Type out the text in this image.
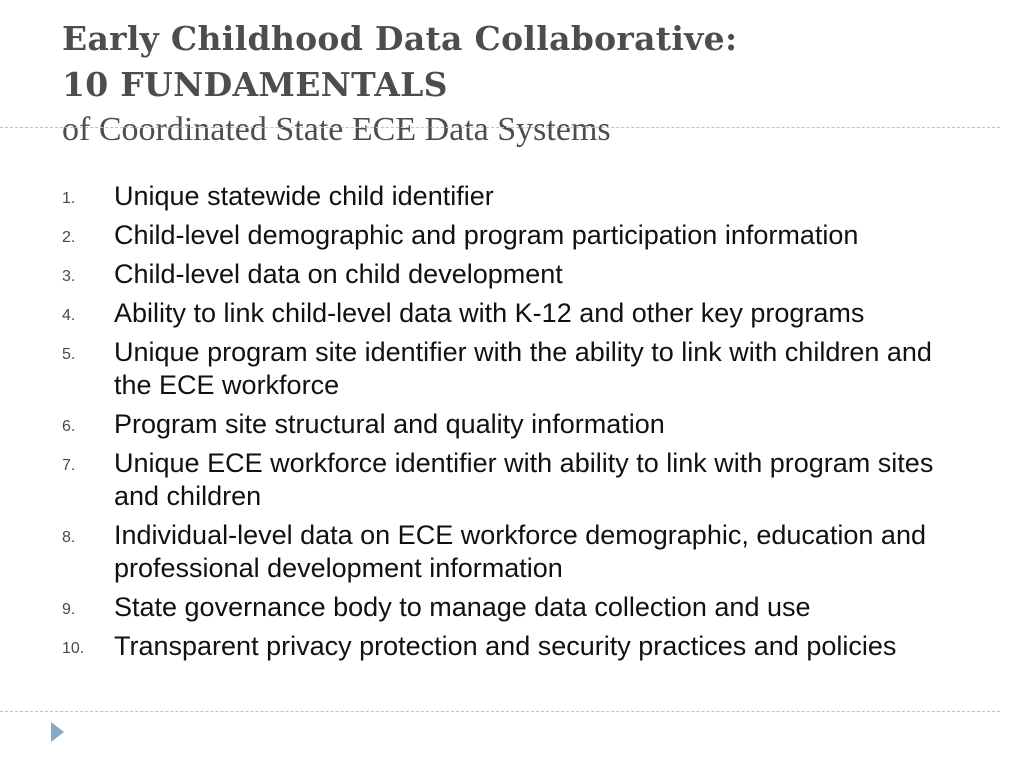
Early Childhood Data Collaborative:
10 FUNDAMENTALS
of Coordinated State ECE Data Systems
1. Unique statewide child identifier
2. Child-level demographic and program participation information
3. Child-level data on child development
4. Ability to link child-level data with K-12 and other key programs
5. Unique program site identifier with the ability to link with children and the ECE workforce
6. Program site structural and quality information
7. Unique ECE workforce identifier with ability to link with program sites and children
8. Individual-level data on ECE workforce demographic, education and professional development information
9. State governance body to manage data collection and use
10. Transparent privacy protection and security practices and policies
